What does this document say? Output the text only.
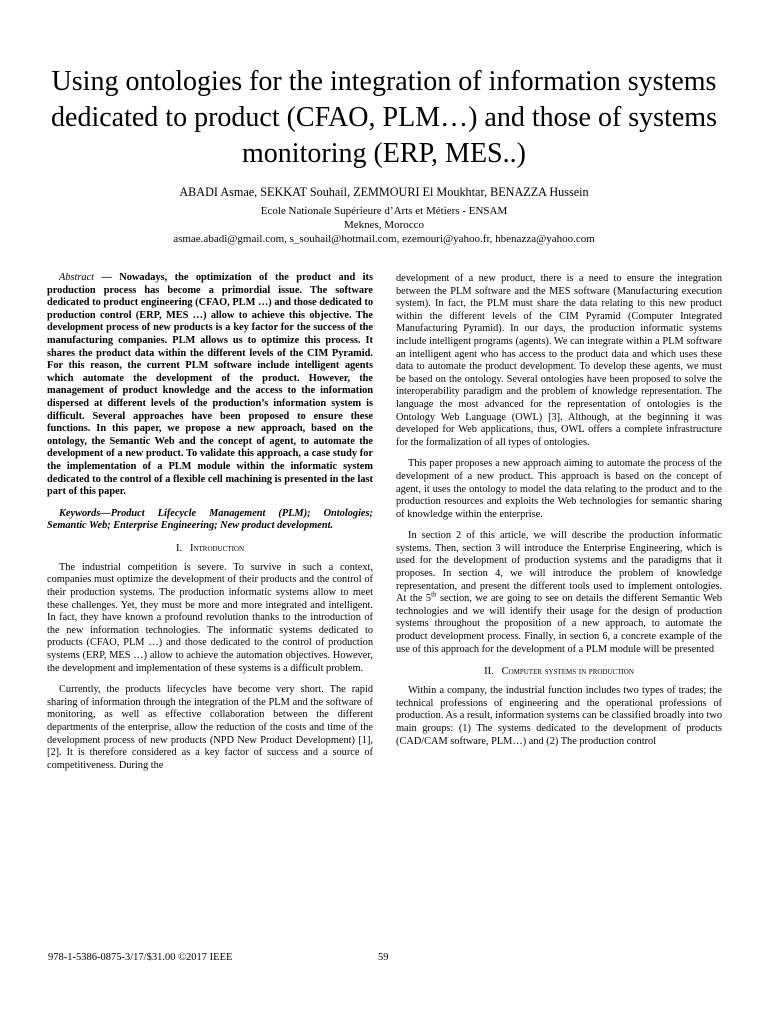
Using ontologies for the integration of information systems dedicated to product (CFAO, PLM…) and those of systems monitoring (ERP, MES..)
ABADI Asmae, SEKKAT Souhail, ZEMMOURI El Moukhtar, BENAZZA Hussein
Ecole Nationale Supérieure d’Arts et Métiers - ENSAM
Meknes, Morocco
asmae.abadi@gmail.com, s_souhail@hotmail.com, ezemouri@yahoo.fr, hbenazza@yahoo.com

Abstract — Nowadays, the optimization of the product and its production process has become a primordial issue. The software dedicated to product engineering (CFAO, PLM …) and those dedicated to production control (ERP, MES …) allow to achieve this objective. The development process of new products is a key factor for the success of the manufacturing companies. PLM allows us to optimize this process. It shares the product data within the different levels of the CIM Pyramid. For this reason, the current PLM software include intelligent agents which automate the development of the product. However, the management of product knowledge and the access to the information dispersed at different levels of the production’s information system is difficult. Several approaches have been proposed to ensure these functions. In this paper, we propose a new approach, based on the ontology, the Semantic Web and the concept of agent, to automate the development of a new product. To validate this approach, a case study for the implementation of a PLM module within the informatic system dedicated to the control of a flexible cell machining is presented in the last part of this paper.

Keywords—Product Lifecycle Management (PLM); Ontologies; Semantic Web; Enterprise Engineering; New product development.

I. Introduction

The industrial competition is severe. To survive in such a context, companies must optimize the development of their products and the control of their production systems. The production informatic systems allow to meet these challenges. Yet, they must be more and more integrated and intelligent. In fact, they have known a profound revolution thanks to the introduction of the new information technologies. The informatic systems dedicated to products (CFAO, PLM …) and those dedicated to the control of production systems (ERP, MES …) allow to achieve the automation objectives. However, the development and implementation of these systems is a difficult problem.

Currently, the products lifecycles have become very short. The rapid sharing of information through the integration of the PLM and the software of monitoring, as well as effective collaboration between the different departments of the enterprise, allow the reduction of the costs and time of the development process of new products (NPD New Product Development) [1], [2]. It is therefore considered as a key factor of success and a source of competitiveness. During the

development of a new product, there is a need to ensure the integration between the PLM software and the MES software (Manufacturing execution system). In fact, the PLM must share the data relating to this new product within the different levels of the CIM Pyramid (Computer Integrated Manufacturing Pyramid). In our days, the production informatic systems include intelligent programs (agents). We can integrate within a PLM software an intelligent agent who has access to the product data and which uses these data to automate the product development. To develop these agents, we must be based on the ontology. Several ontologies have been proposed to solve the interoperability paradigm and the problem of knowledge representation. The language the most advanced for the representation of ontologies is the Ontology Web Language (OWL) [3]. Although, at the beginning it was developed for Web applications, thus, OWL offers a complete infrastructure for the formalization of all types of ontologies.

This paper proposes a new approach aiming to automate the process of the development of a new product. This approach is based on the concept of agent, it uses the ontology to model the data relating to the product and to the production resources and exploits the Web technologies for semantic sharing of knowledge within the enterprise.

In section 2 of this article, we will describe the production informatic systems. Then, section 3 will introduce the Enterprise Engineering, which is used for the development of production systems and the paradigms that it proposes. In section 4, we will introduce the problem of knowledge representation, and present the different tools used to implement ontologies. At the 5th section, we are going to see on details the different Semantic Web technologies and we will identify their usage for the design of production systems throughout the proposition of a new approach, to automate the product development process. Finally, in section 6, a concrete example of the use of this approach for the development of a PLM module will be presented

II. Computer systems in production

Within a company, the industrial function includes two types of trades; the technical professions of engineering and the operational professions of production. As a result, information systems can be classified broadly into two main groups: (1) The systems dedicated to the development of products (CAD/CAM software, PLM…) and (2) The production control

978-1-5386-0875-3/17/$31.00 ©2017 IEEE	59
